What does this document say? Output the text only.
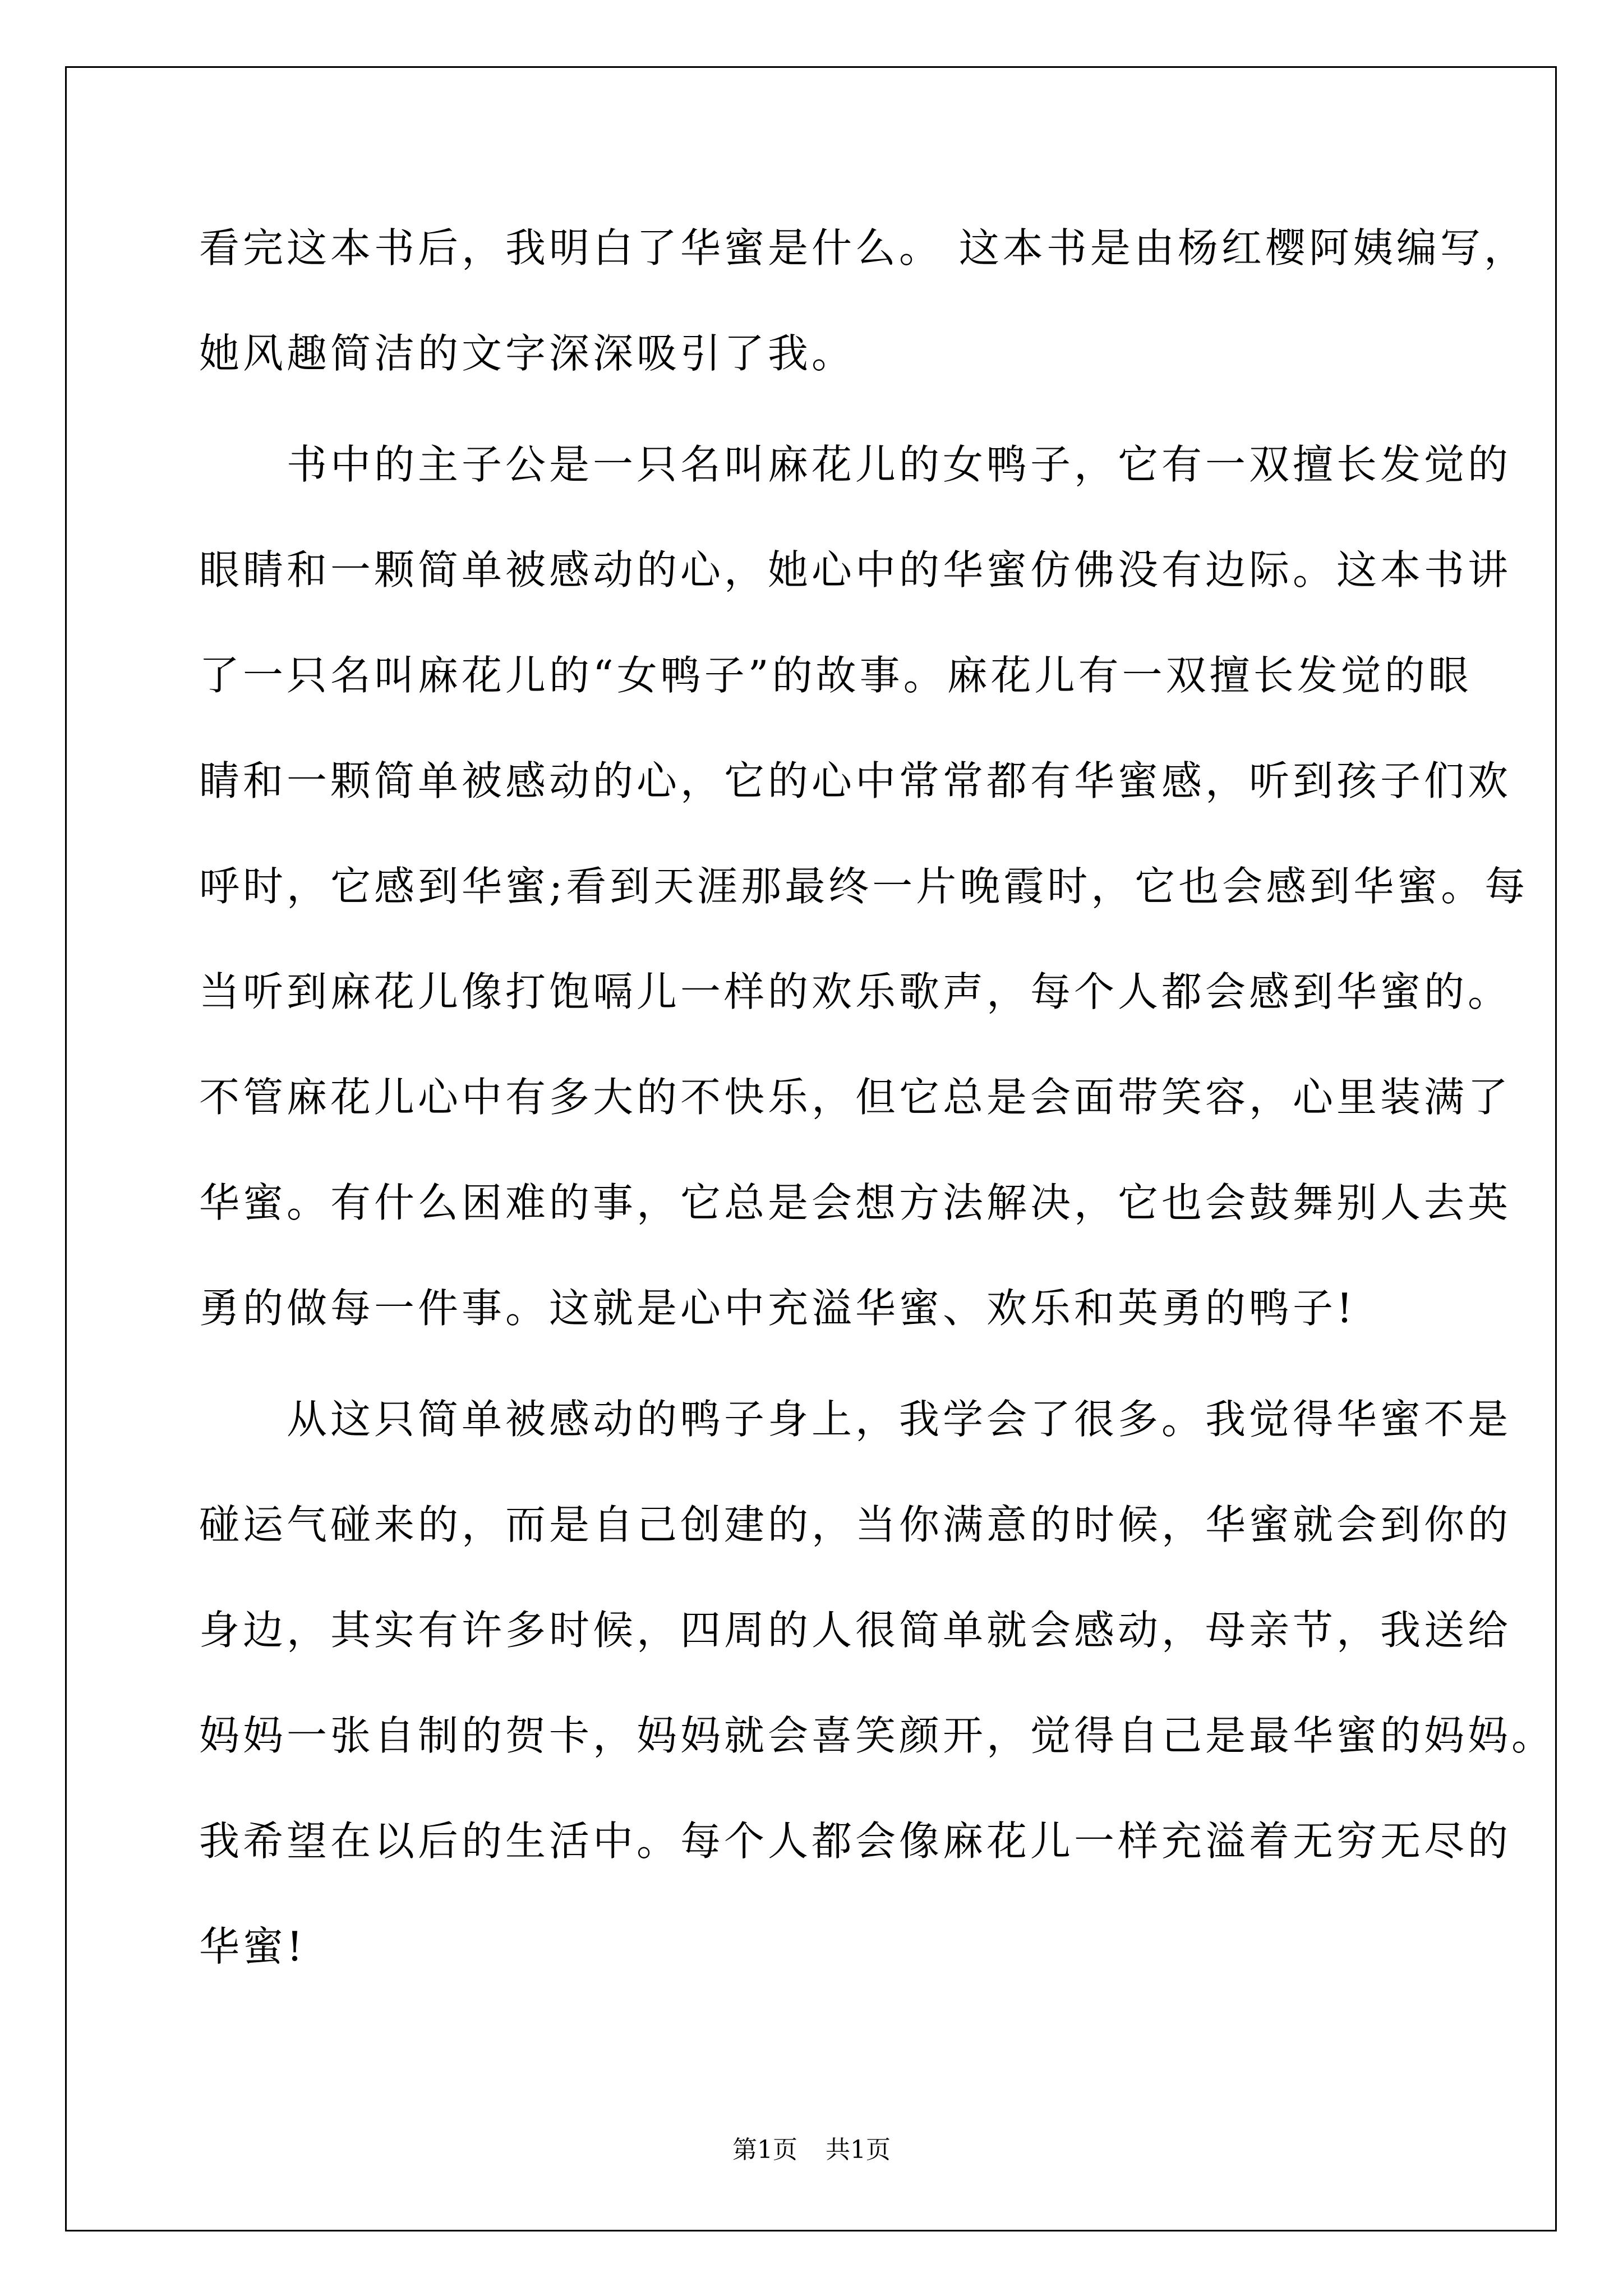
看完这本书后，我明白了华蜜是什么。 这本书是由杨红樱阿姨编写，
她风趣简洁的文字深深吸引了我。
　　书中的主子公是一只名叫麻花儿的女鸭子，它有一双擅长发觉的
眼睛和一颗简单被感动的心，她心中的华蜜仿佛没有边际。这本书讲
了一只名叫麻花儿的“女鸭子”的故事。麻花儿有一双擅长发觉的眼
睛和一颗简单被感动的心，它的心中常常都有华蜜感，听到孩子们欢
呼时，它感到华蜜;看到天涯那最终一片晚霞时，它也会感到华蜜。每
当听到麻花儿像打饱嗝儿一样的欢乐歌声，每个人都会感到华蜜的。
不管麻花儿心中有多大的不快乐，但它总是会面带笑容，心里装满了
华蜜。有什么困难的事，它总是会想方法解决，它也会鼓舞别人去英
勇的做每一件事。这就是心中充溢华蜜、欢乐和英勇的鸭子!
　　从这只简单被感动的鸭子身上，我学会了很多。我觉得华蜜不是
碰运气碰来的，而是自己创建的，当你满意的时候，华蜜就会到你的
身边，其实有许多时候，四周的人很简单就会感动，母亲节，我送给
妈妈一张自制的贺卡，妈妈就会喜笑颜开，觉得自己是最华蜜的妈妈。
我希望在以后的生活中。每个人都会像麻花儿一样充溢着无穷无尽的
华蜜!
第1页 共1页
